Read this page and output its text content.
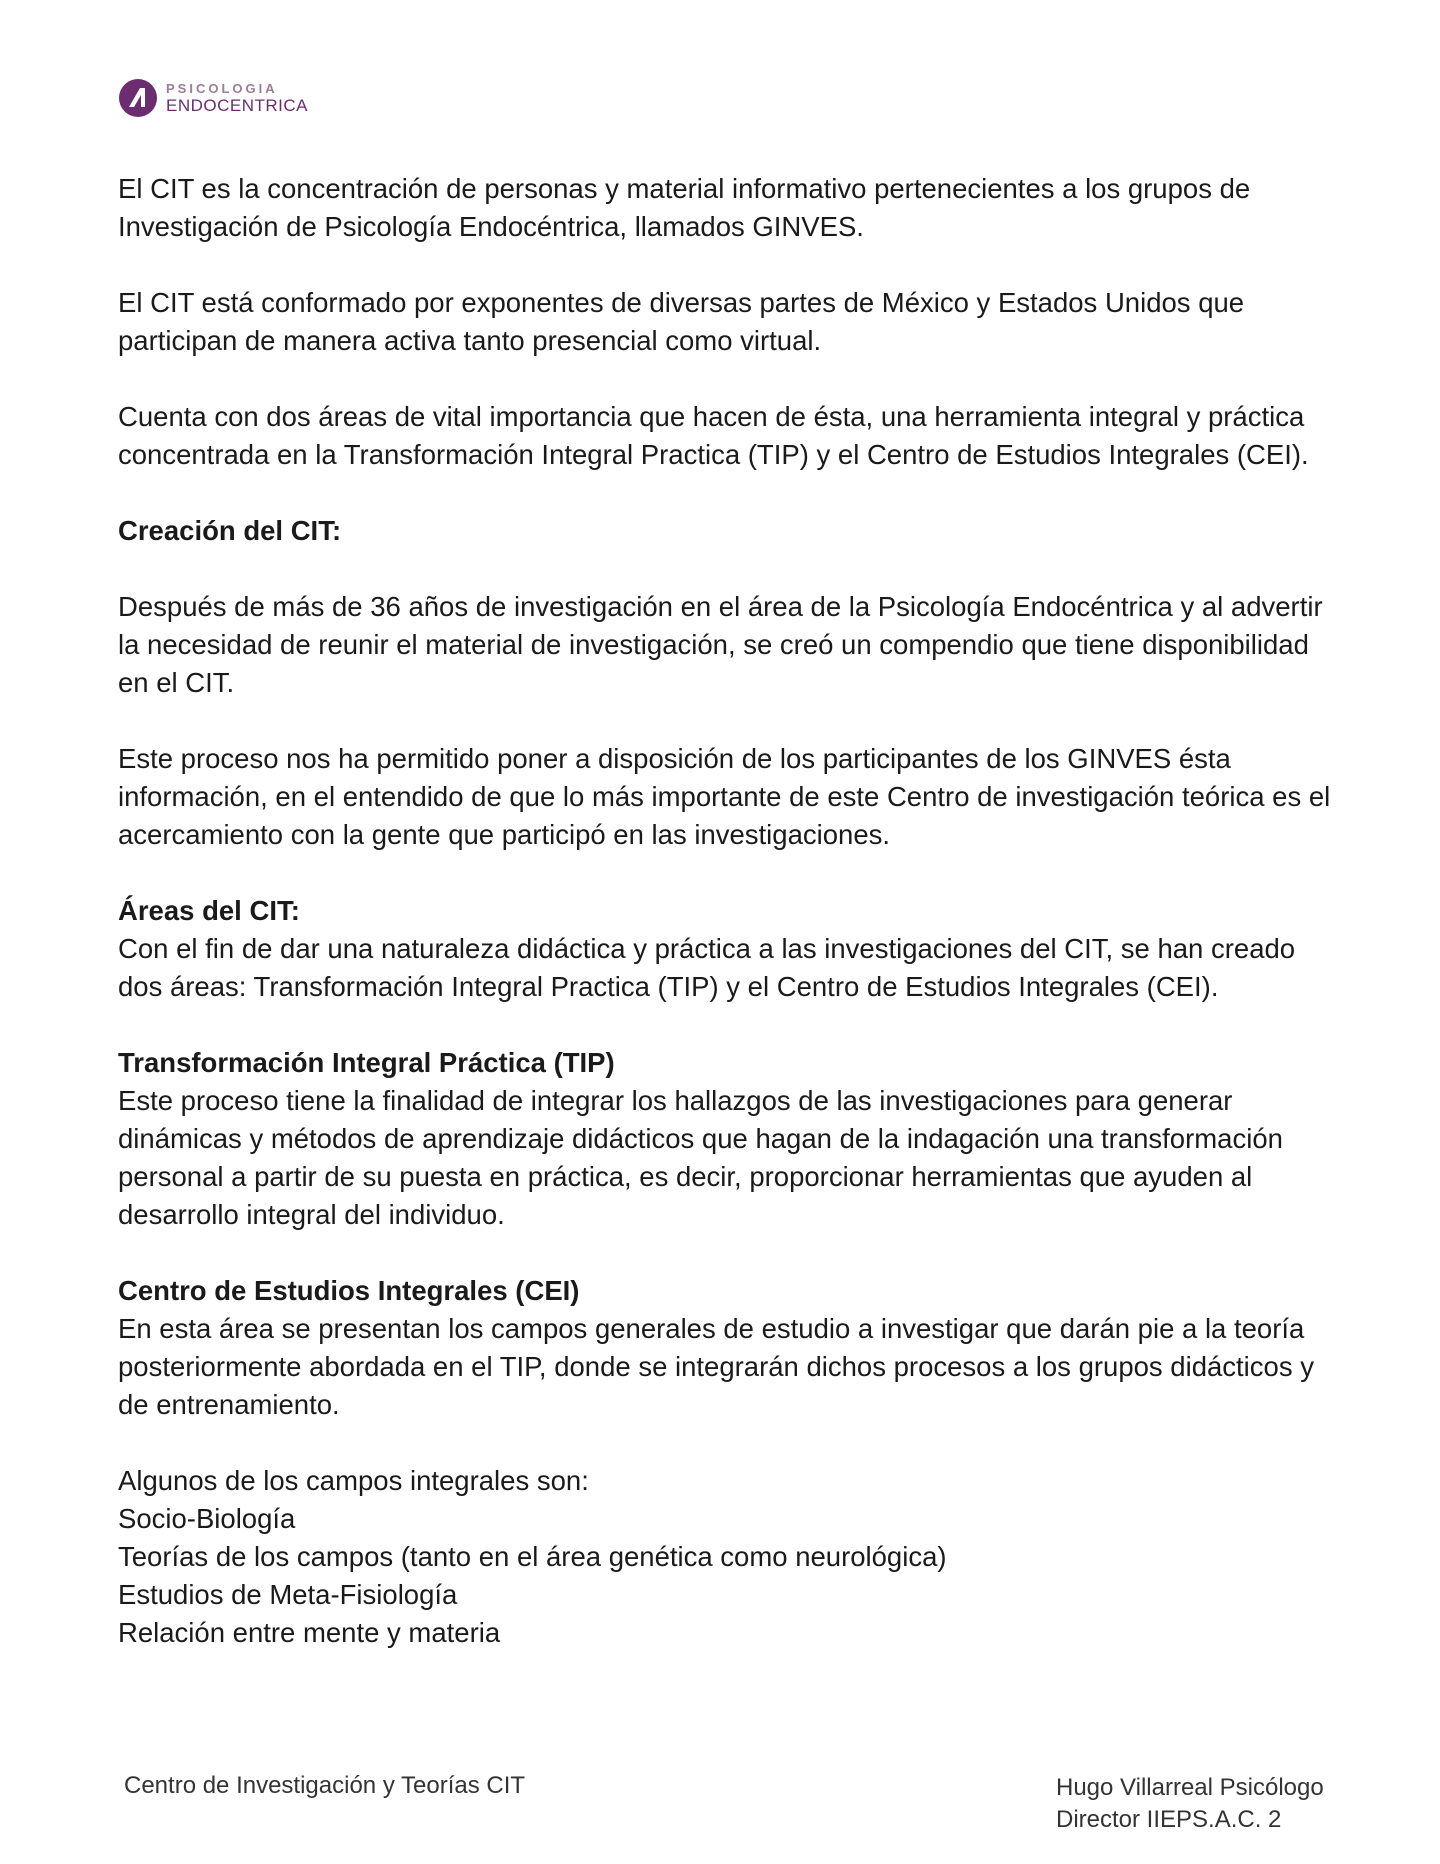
PSICOLOGIA
ENDOCENTRICA

El CIT es la concentración de personas y material informativo pertenecientes a los grupos de Investigación de Psicología Endocéntrica, llamados GINVES.

El CIT está conformado por exponentes de diversas partes de México y Estados Unidos que participan de manera activa tanto presencial como virtual.

Cuenta con dos áreas de vital importancia que hacen de ésta, una herramienta integral y práctica concentrada en la Transformación Integral Practica (TIP) y el Centro de Estudios Integrales (CEI).

Creación del CIT:

Después de más de 36 años de investigación en el área de la Psicología Endocéntrica y al advertir la necesidad de reunir el material de investigación, se creó un compendio que tiene disponibilidad en el CIT.

Este proceso nos ha permitido poner a disposición de los participantes de los GINVES ésta información, en el entendido de que lo más importante de este Centro de investigación teórica es el acercamiento con la gente que participó en las investigaciones.

Áreas del CIT:

Con el fin de dar una naturaleza didáctica y práctica a las investigaciones del CIT, se han creado dos áreas: Transformación Integral Practica (TIP) y el Centro de Estudios Integrales (CEI).

Transformación Integral Práctica (TIP)

Este proceso tiene la finalidad de integrar los hallazgos de las investigaciones para generar dinámicas y métodos de aprendizaje didácticos que hagan de la indagación una transformación personal a partir de su puesta en práctica, es decir, proporcionar herramientas que ayuden al desarrollo integral del individuo.

Centro de Estudios Integrales (CEI)

En esta área se presentan los campos generales de estudio a investigar que darán pie a la teoría posteriormente abordada en el TIP, donde se integrarán dichos procesos a los grupos didácticos y de entrenamiento.

Algunos de los campos integrales son:

Socio-Biología

Teorías de los campos (tanto en el área genética como neurológica)

Estudios de Meta-Fisiología

Relación entre mente y materia

Centro de Investigación y Teorías CIT	Hugo Villarreal Psicólogo
Director IIEPS.A.C. 2
